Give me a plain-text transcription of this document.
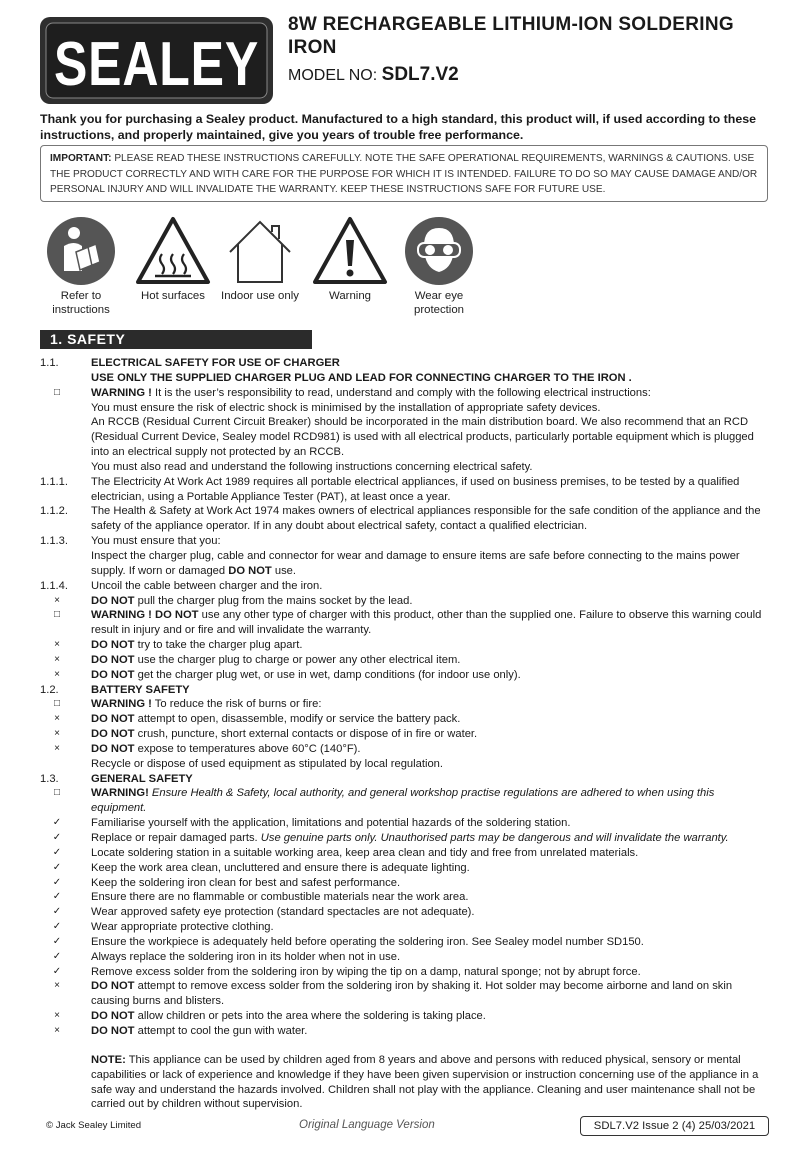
SEALEY
8W RECHARGEABLE LITHIUM-ION SOLDERING IRON
MODEL NO: SDL7.V2
Thank you for purchasing a Sealey product. Manufactured to a high standard, this product will, if used according to these instructions, and properly maintained, give you years of trouble free performance.
IMPORTANT: PLEASE READ THESE INSTRUCTIONS CAREFULLY. NOTE THE SAFE OPERATIONAL REQUIREMENTS, WARNINGS & CAUTIONS. USE THE PRODUCT CORRECTLY AND WITH CARE FOR THE PURPOSE FOR WHICH IT IS INTENDED. FAILURE TO DO SO MAY CAUSE DAMAGE AND/OR PERSONAL INJURY AND WILL INVALIDATE THE WARRANTY. KEEP THESE INSTRUCTIONS SAFE FOR FUTURE USE.
Refer to instructions
Hot surfaces	Indoor use only	Warning	Wear eye protection
1. SAFETY
1.1.	ELECTRICAL SAFETY FOR USE OF CHARGER
USE ONLY THE SUPPLIED CHARGER PLUG AND LEAD FOR CONNECTING CHARGER TO THE IRON .
□	WARNING ! It is the user’s responsibility to read, understand and comply with the following electrical instructions:
You must ensure the risk of electric shock is minimised by the installation of appropriate safety devices.
An RCCB (Residual Current Circuit Breaker) should be incorporated in the main distribution board. We also recommend that an RCD (Residual Current Device, Sealey model RCD981) is used with all electrical products, particularly portable equipment which is plugged into an electrical supply not protected by an RCCB.
You must also read and understand the following instructions concerning electrical safety.
1.1.1.	The Electricity At Work Act 1989 requires all portable electrical appliances, if used on business premises, to be tested by a qualified electrician, using a Portable Appliance Tester (PAT), at least once a year.
1.1.2.	The Health & Safety at Work Act 1974 makes owners of electrical appliances responsible for the safe condition of the appliance and the safety of the appliance operator. If in any doubt about electrical safety, contact a qualified electrician.
1.1.3.	You must ensure that you:
Inspect the charger plug, cable and connector for wear and damage to ensure items are safe before connecting to the mains power supply. If worn or damaged DO NOT use.
1.1.4.	Uncoil the cable between charger and the iron.
×	DO NOT pull the charger plug from the mains socket by the lead.
□	WARNING ! DO NOT use any other type of charger with this product, other than the supplied one. Failure to observe this warning could result in injury and or fire and will invalidate the warranty.
×	DO NOT try to take the charger plug apart.
×	DO NOT use the charger plug to charge or power any other electrical item.
×	DO NOT get the charger plug wet, or use in wet, damp conditions (for indoor use only).
1.2.	BATTERY SAFETY
□	WARNING ! To reduce the risk of burns or fire:
×	DO NOT attempt to open, disassemble, modify or service the battery pack.
×	DO NOT crush, puncture, short external contacts or dispose of in fire or water.
×	DO NOT expose to temperatures above 60°C (140°F).
Recycle or dispose of used equipment as stipulated by local regulation.
1.3.	GENERAL SAFETY
□	WARNING! Ensure Health & Safety, local authority, and general workshop practise regulations are adhered to when using this equipment.
✓	Familiarise yourself with the application, limitations and potential hazards of the soldering station.
✓	Replace or repair damaged parts. Use genuine parts only. Unauthorised parts may be dangerous and will invalidate the warranty.
✓	Locate soldering station in a suitable working area, keep area clean and tidy and free from unrelated materials.
✓	Keep the work area clean, uncluttered and ensure there is adequate lighting.
✓	Keep the soldering iron clean for best and safest performance.
✓	Ensure there are no flammable or combustible materials near the work area.
✓	Wear approved safety eye protection (standard spectacles are not adequate).
✓	Wear appropriate protective clothing.
✓	Ensure the workpiece is adequately held before operating the soldering iron. See Sealey model number SD150.
✓	Always replace the soldering iron in its holder when not in use.
✓	Remove excess solder from the soldering iron by wiping the tip on a damp, natural sponge; not by abrupt force.
×	DO NOT attempt to remove excess solder from the soldering iron by shaking it. Hot solder may become airborne and land on skin causing burns and blisters.
×	DO NOT allow children or pets into the area where the soldering is taking place.
×	DO NOT attempt to cool the gun with water.
NOTE: This appliance can be used by children aged from 8 years and above and persons with reduced physical, sensory or mental capabilities or lack of experience and knowledge if they have been given supervision or instruction concerning use of the appliance in a safe way and understand the hazards involved. Children shall not play with the appliance. Cleaning and user maintenance shall not be carried out by children without supervision.
© Jack Sealey Limited	Original Language Version	SDL7.V2 Issue 2 (4) 25/03/2021
